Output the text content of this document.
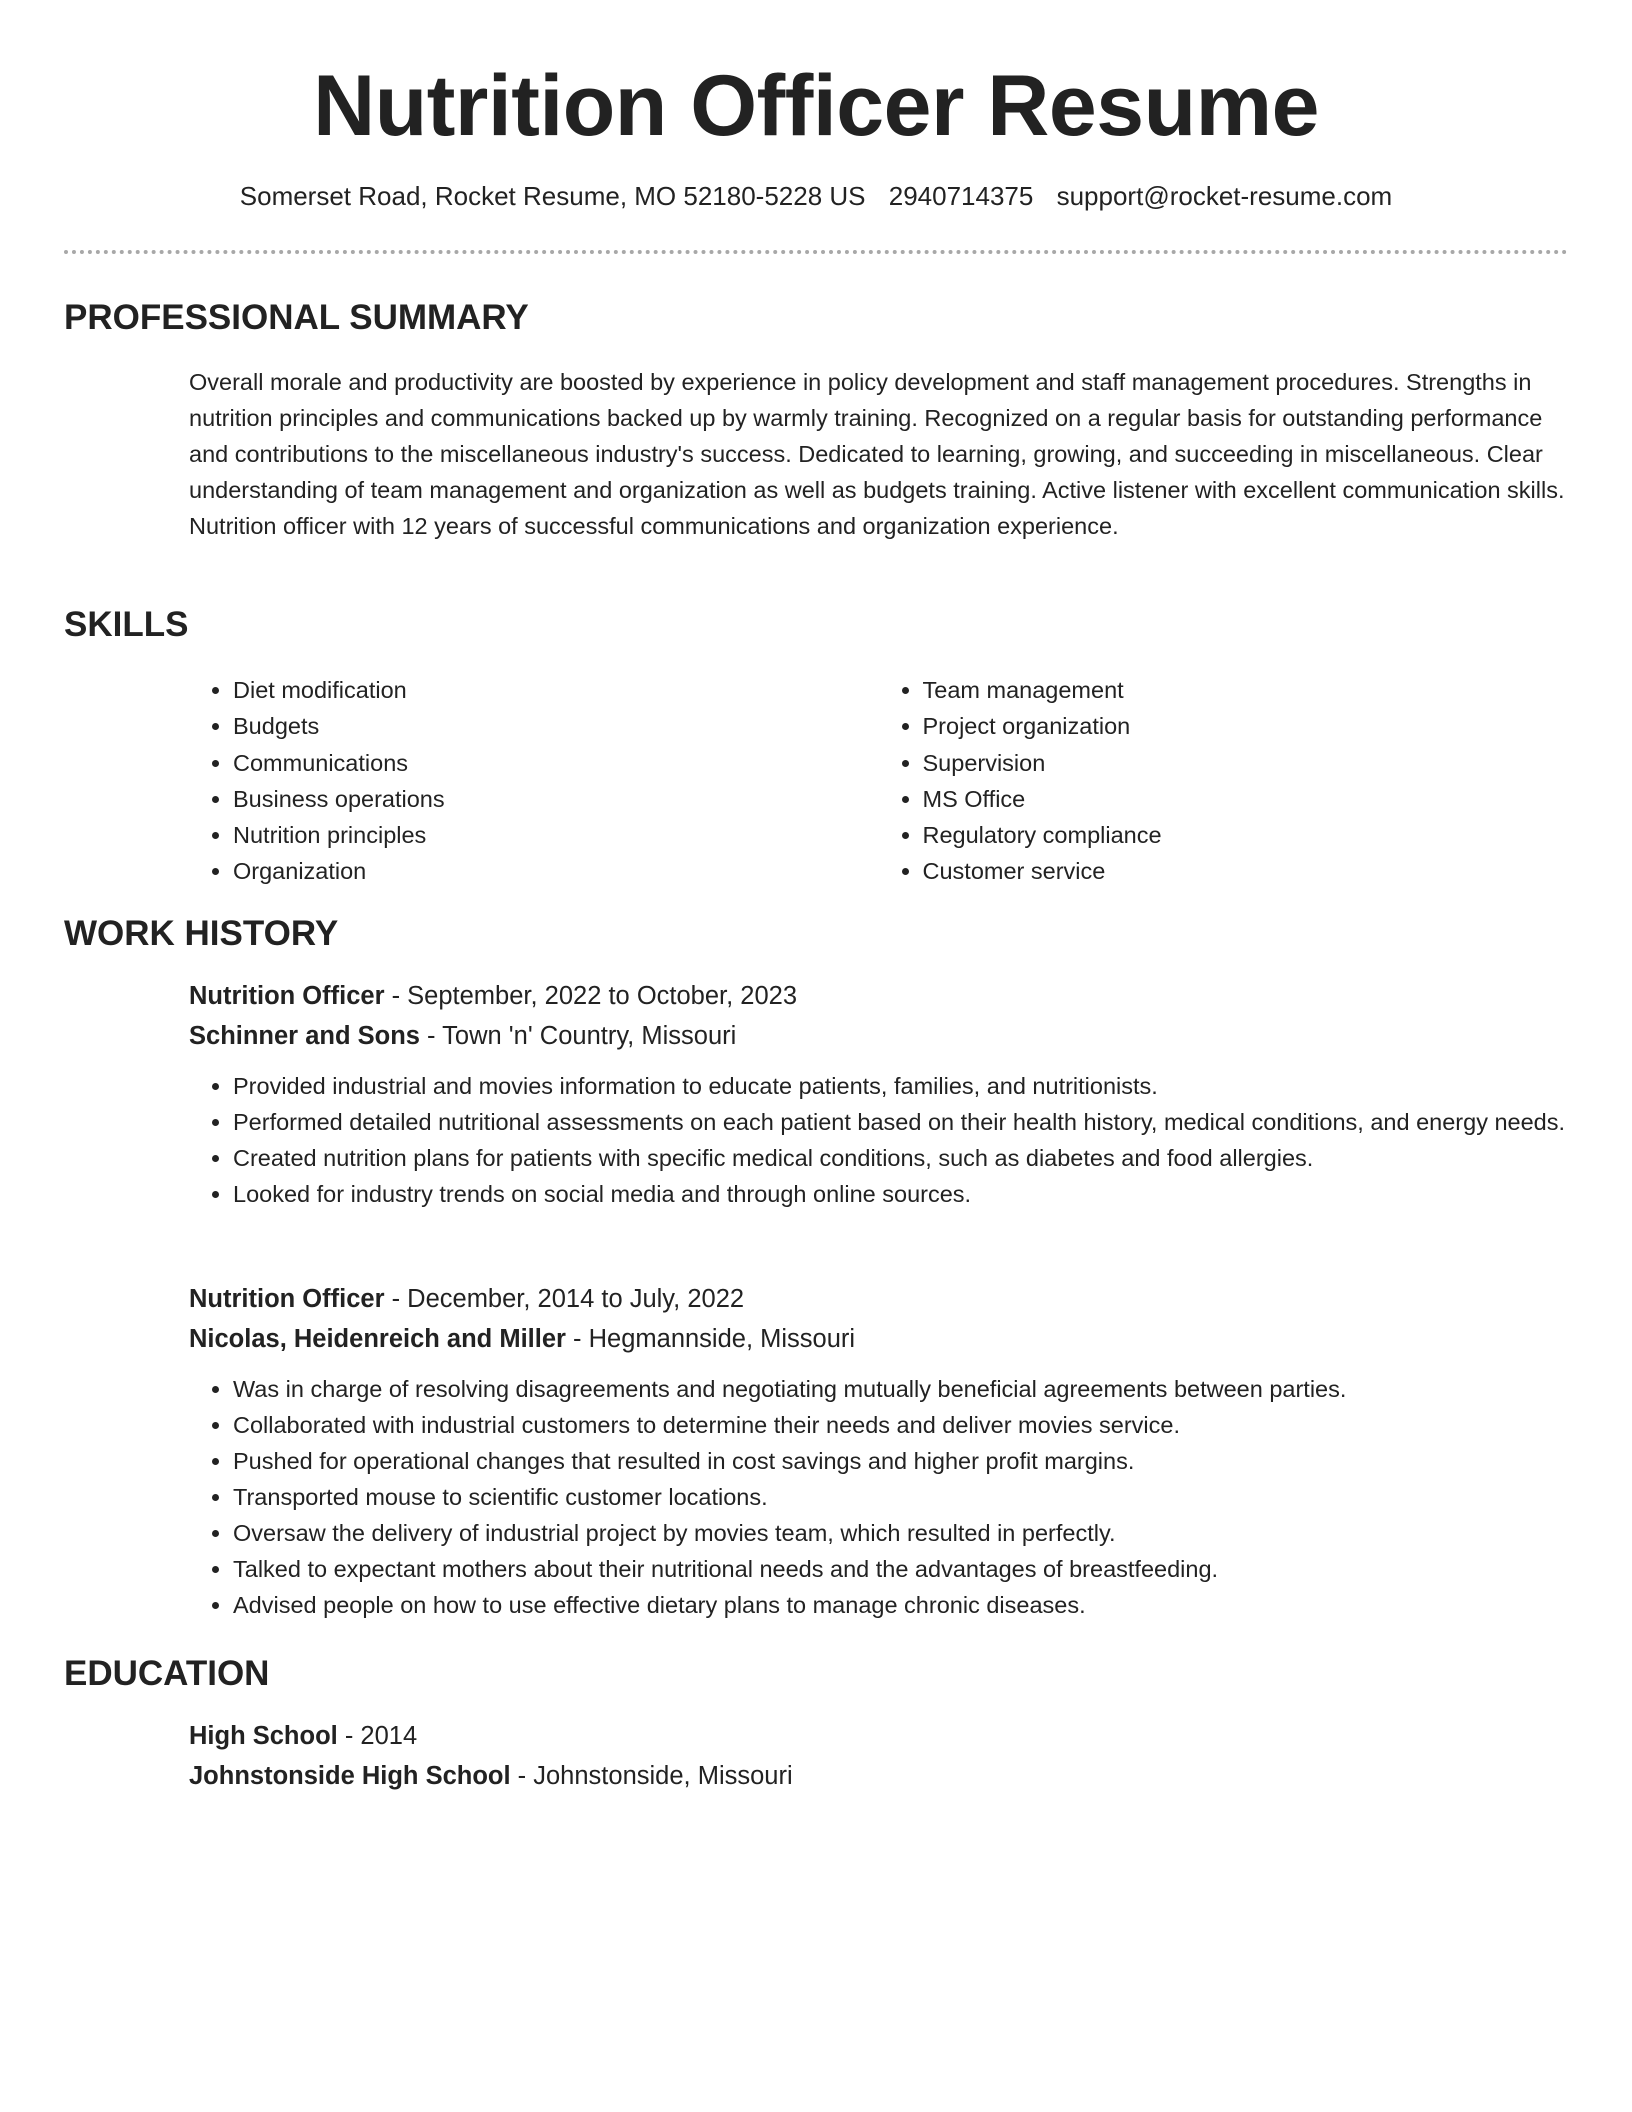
Nutrition Officer Resume
Somerset Road, Rocket Resume, MO 52180-5228 US 2940714375 support@rocket-resume.com
PROFESSIONAL SUMMARY

Overall morale and productivity are boosted by experience in policy development and staff management procedures. Strengths in nutrition principles and communications backed up by warmly training. Recognized on a regular basis for outstanding performance and contributions to the miscellaneous industry's success. Dedicated to learning, growing, and succeeding in miscellaneous. Clear understanding of team management and organization as well as budgets training. Active listener with excellent communication skills. Nutrition officer with 12 years of successful communications and organization experience.

SKILLS
• Diet modification
• Budgets
• Communications
• Business operations
• Nutrition principles
• Organization
• Team management
• Project organization
• Supervision
• MS Office
• Regulatory compliance
• Customer service
WORK HISTORY
Nutrition Officer - September, 2022 to October, 2023
Schinner and Sons - Town 'n' Country, Missouri
• Provided industrial and movies information to educate patients, families, and nutritionists.
• Performed detailed nutritional assessments on each patient based on their health history, medical conditions, and energy needs.
• Created nutrition plans for patients with specific medical conditions, such as diabetes and food allergies.
• Looked for industry trends on social media and through online sources.
Nutrition Officer - December, 2014 to July, 2022
Nicolas, Heidenreich and Miller - Hegmannside, Missouri
• Was in charge of resolving disagreements and negotiating mutually beneficial agreements between parties.
• Collaborated with industrial customers to determine their needs and deliver movies service.
• Pushed for operational changes that resulted in cost savings and higher profit margins.
• Transported mouse to scientific customer locations.
• Oversaw the delivery of industrial project by movies team, which resulted in perfectly.
• Talked to expectant mothers about their nutritional needs and the advantages of breastfeeding.
• Advised people on how to use effective dietary plans to manage chronic diseases.
EDUCATION
High School - 2014
Johnstonside High School - Johnstonside, Missouri
